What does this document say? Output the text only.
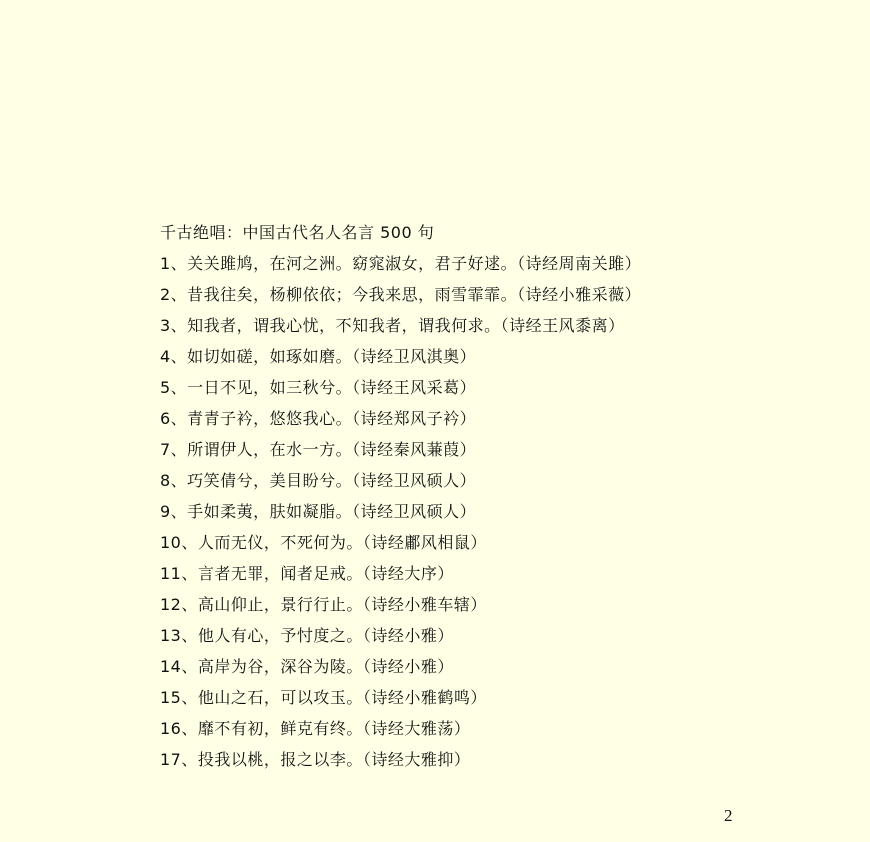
千古绝唱：中国古代名人名言 500 句
1、关关雎鸠，在河之洲。窈窕淑女，君子好逑。（诗经周南关雎）
2、昔我往矣，杨柳依依；今我来思，雨雪霏霏。（诗经小雅采薇）
3、知我者，谓我心忧，不知我者，谓我何求。（诗经王风黍离）
4、如切如磋，如琢如磨。（诗经卫风淇奥）
5、一日不见，如三秋兮。（诗经王风采葛）
6、青青子衿，悠悠我心。（诗经郑风子衿）
7、所谓伊人，在水一方。（诗经秦风蒹葭）
8、巧笑倩兮，美目盼兮。（诗经卫风硕人）
9、手如柔荑，肤如凝脂。（诗经卫风硕人）
10、人而无仪，不死何为。（诗经鄘风相鼠）
11、言者无罪，闻者足戒。（诗经大序）
12、高山仰止，景行行止。（诗经小雅车辖）
13、他人有心，予忖度之。（诗经小雅）
14、高岸为谷，深谷为陵。（诗经小雅）
15、他山之石，可以攻玉。（诗经小雅鹤鸣）
16、靡不有初，鲜克有终。（诗经大雅荡）
17、投我以桃，报之以李。（诗经大雅抑）
2
